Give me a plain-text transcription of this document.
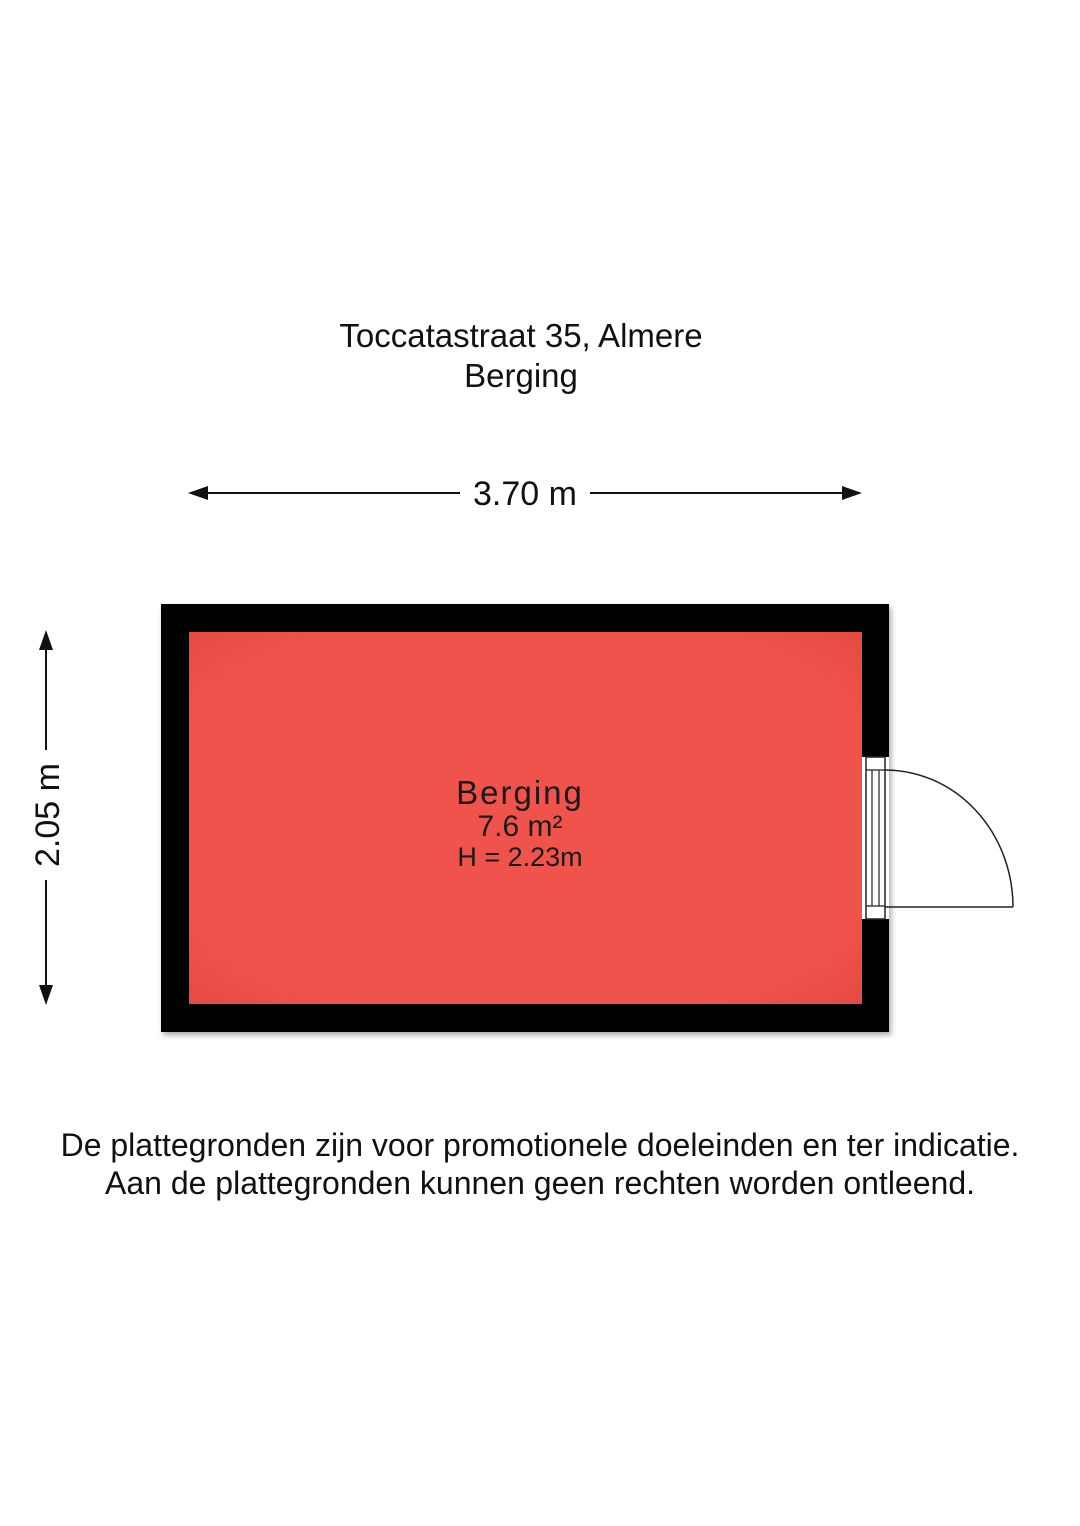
Toccatastraat 35, Almere
Berging
3.70 m
2.05 m	Berging
7.6 m²
H = 2.23m
De plattegronden zijn voor promotionele doeleinden en ter indicatie.
Aan de plattegronden kunnen geen rechten worden ontleend.
